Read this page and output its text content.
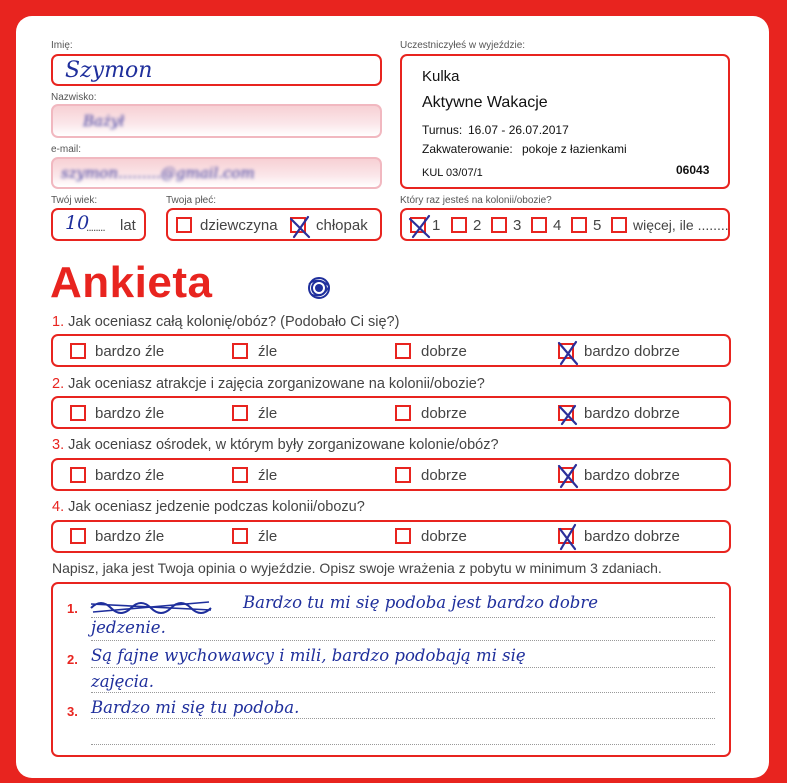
Imię:
Szymon
Nazwisko:
Bażył
e-mail:
szymon.........@gmail.com
Twój wiek:
10
........ lat
Twoja płeć:
dziewczyna	chłopak
Uczestniczyłeś w wyjeździe:
Kulka
Aktywne Wakacje
Turnus: 16.07 - 26.07.2017
Zakwaterowanie: pokoje z łazienkami
KUL 03/07/1	06043
Który raz jesteś na kolonii/obozie?
1 2 3 4 5 więcej, ile ........
Ankieta
1. Jak oceniasz całą kolonię/obóz? (Podobało Ci się?)
bardzo źle	źle	dobrze	bardzo dobrze
2. Jak oceniasz atrakcje i zajęcia zorganizowane na kolonii/obozie?
bardzo źle	źle	dobrze	bardzo dobrze
3. Jak oceniasz ośrodek, w którym były zorganizowane kolonie/obóz?
bardzo źle	źle	dobrze	bardzo dobrze
4. Jak oceniasz jedzenie podczas kolonii/obozu?
bardzo źle	źle	dobrze	bardzo dobrze
Napisz, jaka jest Twoja opinia o wyjeździe. Opisz swoje wrażenia z pobytu w minimum 3 zdaniach.
1.	Bardzo tu mi się podoba jest bardzo dobre
jedzenie.
2. Są fajne wychowawcy i mili, bardzo podobają mi się
zajęcia.
3. Bardzo mi się tu podoba.
